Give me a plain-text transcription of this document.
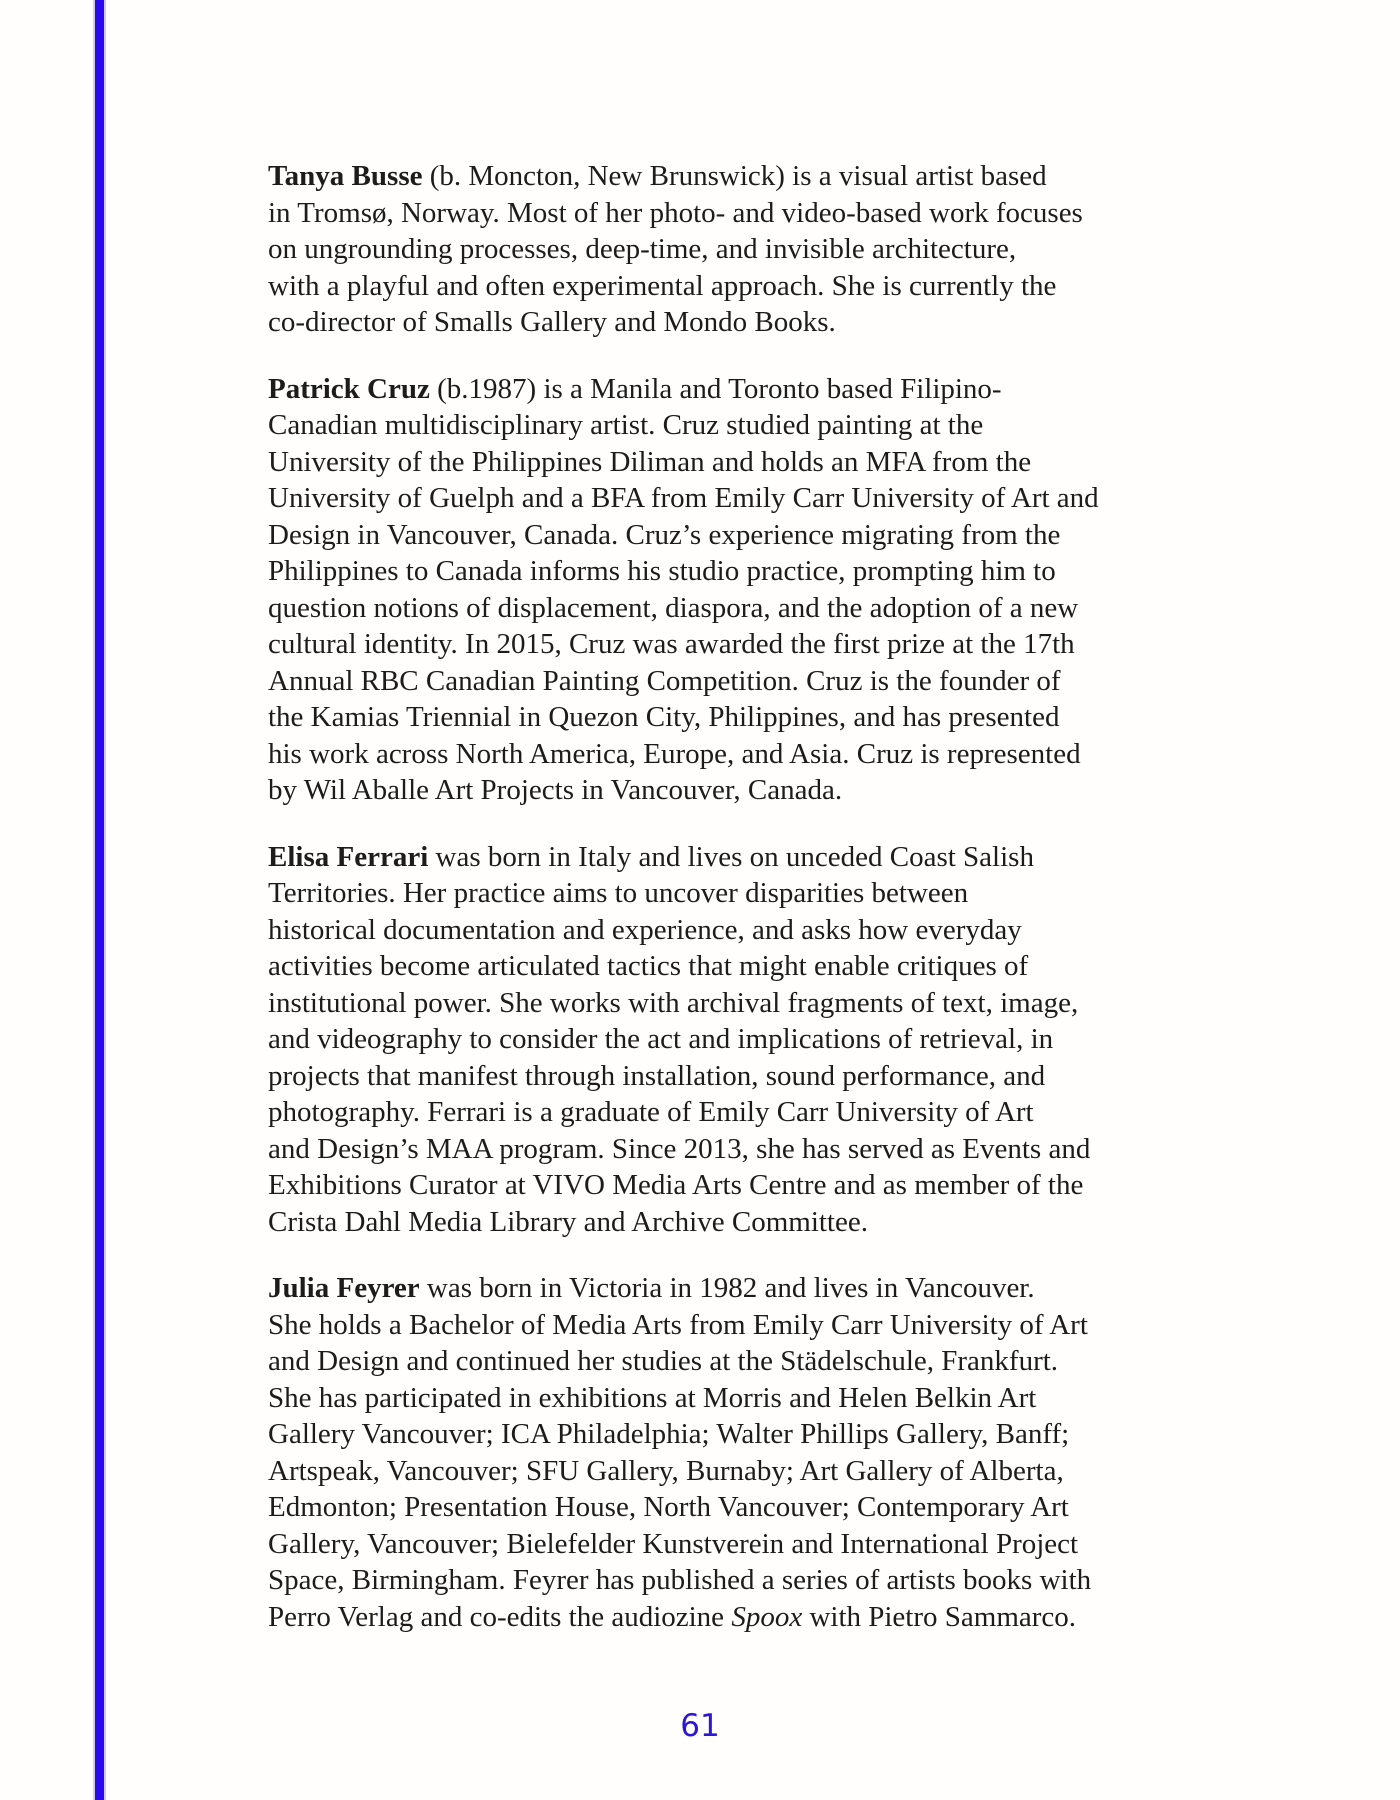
Tanya Busse (b. Moncton, New Brunswick) is a visual artist based
in Tromsø, Norway. Most of her photo- and video-based work focuses
on ungrounding processes, deep-time, and invisible architecture,
with a playful and often experimental approach. She is currently the
co-director of Smalls Gallery and Mondo Books.

Patrick Cruz (b.1987) is a Manila and Toronto based Filipino-
Canadian multidisciplinary artist. Cruz studied painting at the
University of the Philippines Diliman and holds an MFA from the
University of Guelph and a BFA from Emily Carr University of Art and
Design in Vancouver, Canada. Cruz’s experience migrating from the
Philippines to Canada informs his studio practice, prompting him to
question notions of displacement, diaspora, and the adoption of a new
cultural identity. In 2015, Cruz was awarded the first prize at the 17th
Annual RBC Canadian Painting Competition. Cruz is the founder of
the Kamias Triennial in Quezon City, Philippines, and has presented
his work across North America, Europe, and Asia. Cruz is represented
by Wil Aballe Art Projects in Vancouver, Canada.

Elisa Ferrari was born in Italy and lives on unceded Coast Salish
Territories. Her practice aims to uncover disparities between
historical documentation and experience, and asks how everyday
activities become articulated tactics that might enable critiques of
institutional power. She works with archival fragments of text, image,
and videography to consider the act and implications of retrieval, in
projects that manifest through installation, sound performance, and
photography. Ferrari is a graduate of Emily Carr University of Art
and Design’s MAA program. Since 2013, she has served as Events and
Exhibitions Curator at VIVO Media Arts Centre and as member of the
Crista Dahl Media Library and Archive Committee.

Julia Feyrer was born in Victoria in 1982 and lives in Vancouver.
She holds a Bachelor of Media Arts from Emily Carr University of Art
and Design and continued her studies at the Städelschule, Frankfurt.
She has participated in exhibitions at Morris and Helen Belkin Art
Gallery Vancouver; ICA Philadelphia; Walter Phillips Gallery, Banff;
Artspeak, Vancouver; SFU Gallery, Burnaby; Art Gallery of Alberta,
Edmonton; Presentation House, North Vancouver; Contemporary Art
Gallery, Vancouver; Bielefelder Kunstverein and International Project
Space, Birmingham. Feyrer has published a series of artists books with
Perro Verlag and co-edits the audiozine Spoox with Pietro Sammarco.

61
